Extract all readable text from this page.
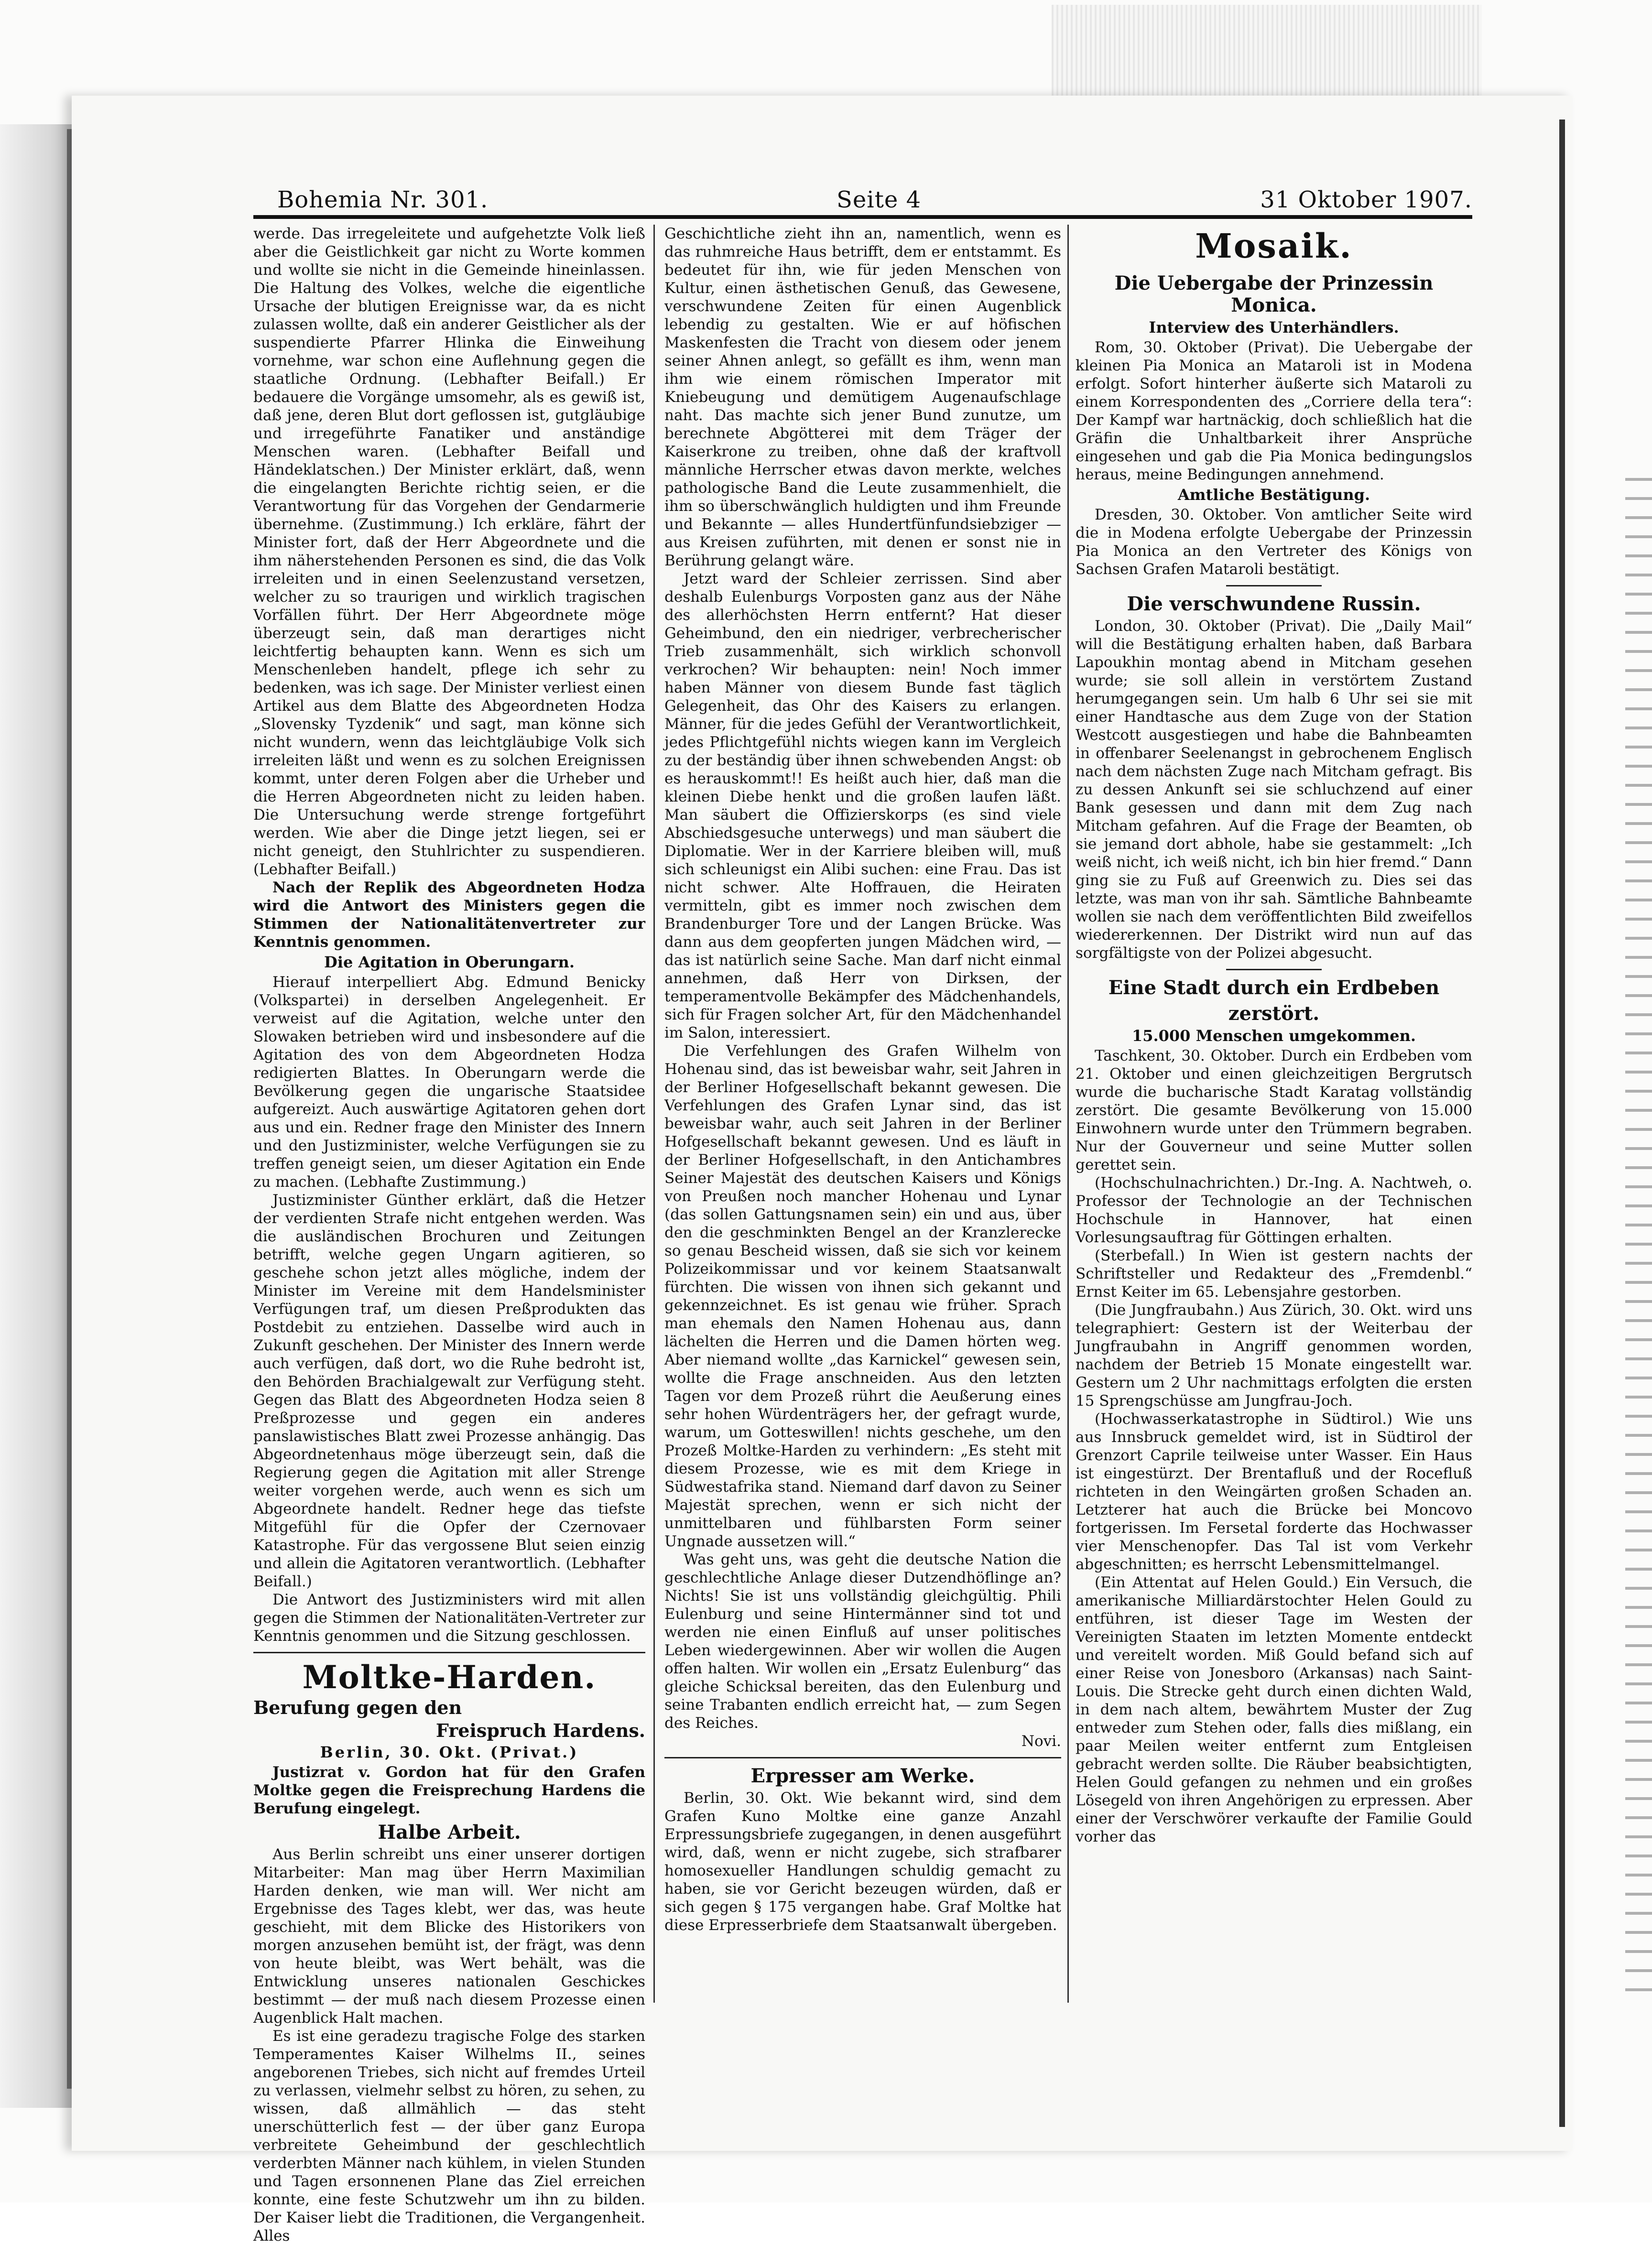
Bohemia Nr. 301.	Seite 4	31 Oktober 1907.

werde. Das irregeleitete und aufgehetzte Volk ließ aber die Geistlichkeit gar nicht zu Worte kommen und wollte sie nicht in die Gemeinde hineinlassen. Die Haltung des Volkes, welche die eigentliche Ursache der blutigen Ereignisse war, da es nicht zulassen wollte, daß ein anderer Geistlicher als der suspendierte Pfarrer Hlinka die Einweihung vornehme, war schon eine Auflehnung gegen die staatliche Ordnung. (Lebhafter Beifall.) Er bedauere die Vorgänge umsomehr, als es gewiß ist, daß jene, deren Blut dort geflossen ist, gutgläubige und irregeführte Fanatiker und anständige Menschen waren. (Lebhafter Beifall und Händeklatschen.) Der Minister erklärt, daß, wenn die eingelangten Berichte richtig seien, er die Verantwortung für das Vorgehen der Gendarmerie übernehme. (Zustimmung.) Ich erkläre, fährt der Minister fort, daß der Herr Abgeordnete und die ihm näherstehenden Personen es sind, die das Volk irreleiten und in einen Seelenzustand versetzen, welcher zu so traurigen und wirklich tragischen Vorfällen führt. Der Herr Abgeordnete möge überzeugt sein, daß man derartiges nicht leichtfertig behaupten kann. Wenn es sich um Menschenleben handelt, pflege ich sehr zu bedenken, was ich sage. Der Minister verliest einen Artikel aus dem Blatte des Abgeordneten Hodza „Slovensky Tyzdenik“ und sagt, man könne sich nicht wundern, wenn das leichtgläubige Volk sich irreleiten läßt und wenn es zu solchen Ereignissen kommt, unter deren Folgen aber die Urheber und die Herren Abgeordneten nicht zu leiden haben. Die Untersuchung werde strenge fortgeführt werden. Wie aber die Dinge jetzt liegen, sei er nicht geneigt, den Stuhlrichter zu suspendieren. (Lebhafter Beifall.)

Nach der Replik des Abgeordneten Hodza wird die Antwort des Ministers gegen die Stimmen der Nationalitätenvertreter zur Kenntnis genommen.

Die Agitation in Oberungarn.

Hierauf interpelliert Abg. Edmund Benicky (Volkspartei) in derselben Angelegenheit. Er verweist auf die Agitation, welche unter den Slowaken betrieben wird und insbesondere auf die Agitation des von dem Abgeordneten Hodza redigierten Blattes. In Oberungarn werde die Bevölkerung gegen die ungarische Staatsidee aufgereizt. Auch auswärtige Agitatoren gehen dort aus und ein. Redner frage den Minister des Innern und den Justizminister, welche Verfügungen sie zu treffen geneigt seien, um dieser Agitation ein Ende zu machen. (Lebhafte Zustimmung.)

Justizminister Günther erklärt, daß die Hetzer der verdienten Strafe nicht entgehen werden. Was die ausländischen Brochuren und Zeitungen betrifft, welche gegen Ungarn agitieren, so geschehe schon jetzt alles mögliche, indem der Minister im Vereine mit dem Handelsminister Verfügungen traf, um diesen Preßprodukten das Postdebit zu entziehen. Dasselbe wird auch in Zukunft geschehen. Der Minister des Innern werde auch verfügen, daß dort, wo die Ruhe bedroht ist, den Behörden Brachialgewalt zur Verfügung steht. Gegen das Blatt des Abgeordneten Hodza seien 8 Preßprozesse und gegen ein anderes panslawistisches Blatt zwei Prozesse anhängig. Das Abgeordnetenhaus möge überzeugt sein, daß die Regierung gegen die Agitation mit aller Strenge weiter vorgehen werde, auch wenn es sich um Abgeordnete handelt. Redner hege das tiefste Mitgefühl für die Opfer der Czernovaer Katastrophe. Für das vergossene Blut seien einzig und allein die Agitatoren verantwortlich. (Lebhafter Beifall.)

Die Antwort des Justizministers wird mit allen gegen die Stimmen der Nationalitäten-Vertreter zur Kenntnis genommen und die Sitzung geschlossen.

Moltke-Harden.
Berufung gegen den
Freispruch Hardens.
Berlin, 30. Okt. (Privat.)

Justizrat v. Gordon hat für den Grafen Moltke gegen die Freisprechung Hardens die Berufung eingelegt.

Halbe Arbeit.

Aus Berlin schreibt uns einer unserer dortigen Mitarbeiter: Man mag über Herrn Maximilian Harden denken, wie man will. Wer nicht am Ergebnisse des Tages klebt, wer das, was heute geschieht, mit dem Blicke des Historikers von morgen anzusehen bemüht ist, der frägt, was denn von heute bleibt, was Wert behält, was die Entwicklung unseres nationalen Geschickes bestimmt — der muß nach diesem Prozesse einen Augenblick Halt machen.

Es ist eine geradezu tragische Folge des starken Temperamentes Kaiser Wilhelms II., seines angeborenen Triebes, sich nicht auf fremdes Urteil zu verlassen, vielmehr selbst zu hören, zu sehen, zu wissen, daß allmählich — das steht unerschütterlich fest — der über ganz Europa verbreitete Geheimbund der geschlechtlich verderbten Männer nach kühlem, in vielen Stunden und Tagen ersonnenen Plane das Ziel erreichen konnte, eine feste Schutzwehr um ihn zu bilden. Der Kaiser liebt die Traditionen, die Vergangenheit. Alles

Geschichtliche zieht ihn an, namentlich, wenn es das ruhmreiche Haus betrifft, dem er entstammt. Es bedeutet für ihn, wie für jeden Menschen von Kultur, einen ästhetischen Genuß, das Gewesene, verschwundene Zeiten für einen Augenblick lebendig zu gestalten. Wie er auf höfischen Maskenfesten die Tracht von diesem oder jenem seiner Ahnen anlegt, so gefällt es ihm, wenn man ihm wie einem römischen Imperator mit Kniebeugung und demütigem Augenaufschlage naht. Das machte sich jener Bund zunutze, um berechnete Abgötterei mit dem Träger der Kaiserkrone zu treiben, ohne daß der kraftvoll männliche Herrscher etwas davon merkte, welches pathologische Band die Leute zusammenhielt, die ihm so überschwänglich huldigten und ihm Freunde und Bekannte — alles Hundertfünfundsiebziger — aus Kreisen zuführten, mit denen er sonst nie in Berührung gelangt wäre.

Jetzt ward der Schleier zerrissen. Sind aber deshalb Eulenburgs Vorposten ganz aus der Nähe des allerhöchsten Herrn entfernt? Hat dieser Geheimbund, den ein niedriger, verbrecherischer Trieb zusammenhält, sich wirklich schonvoll verkrochen? Wir behaupten: nein! Noch immer haben Männer von diesem Bunde fast täglich Gelegenheit, das Ohr des Kaisers zu erlangen. Männer, für die jedes Gefühl der Verantwortlichkeit, jedes Pflichtgefühl nichts wiegen kann im Vergleich zu der beständig über ihnen schwebenden Angst: ob es herauskommt!! Es heißt auch hier, daß man die kleinen Diebe henkt und die großen laufen läßt. Man säubert die Offizierskorps (es sind viele Abschiedsgesuche unterwegs) und man säubert die Diplomatie. Wer in der Karriere bleiben will, muß sich schleunigst ein Alibi suchen: eine Frau. Das ist nicht schwer. Alte Hoffrauen, die Heiraten vermitteln, gibt es immer noch zwischen dem Brandenburger Tore und der Langen Brücke. Was dann aus dem geopferten jungen Mädchen wird, — das ist natürlich seine Sache. Man darf nicht einmal annehmen, daß Herr von Dirksen, der temperamentvolle Bekämpfer des Mädchenhandels, sich für Fragen solcher Art, für den Mädchenhandel im Salon, interessiert.

Die Verfehlungen des Grafen Wilhelm von Hohenau sind, das ist beweisbar wahr, seit Jahren in der Berliner Hofgesellschaft bekannt gewesen. Die Verfehlungen des Grafen Lynar sind, das ist beweisbar wahr, auch seit Jahren in der Berliner Hofgesellschaft bekannt gewesen. Und es läuft in der Berliner Hofgesellschaft, in den Antichambres Seiner Majestät des deutschen Kaisers und Königs von Preußen noch mancher Hohenau und Lynar (das sollen Gattungsnamen sein) ein und aus, über den die geschminkten Bengel an der Kranzlerecke so genau Bescheid wissen, daß sie sich vor keinem Polizeikommissar und vor keinem Staatsanwalt fürchten. Die wissen von ihnen sich gekannt und gekennzeichnet. Es ist genau wie früher. Sprach man ehemals den Namen Hohenau aus, dann lächelten die Herren und die Damen hörten weg. Aber niemand wollte „das Karnickel“ gewesen sein, wollte die Frage anschneiden. Aus den letzten Tagen vor dem Prozeß rührt die Aeußerung eines sehr hohen Würdenträgers her, der gefragt wurde, warum, um Gotteswillen! nichts geschehe, um den Prozeß Moltke-Harden zu verhindern: „Es steht mit diesem Prozesse, wie es mit dem Kriege in Südwestafrika stand. Niemand darf davon zu Seiner Majestät sprechen, wenn er sich nicht der unmittelbaren und fühlbarsten Form seiner Ungnade aussetzen will.“

Was geht uns, was geht die deutsche Nation die geschlechtliche Anlage dieser Dutzendhöflinge an? Nichts! Sie ist uns vollständig gleichgültig. Phili Eulenburg und seine Hintermänner sind tot und werden nie einen Einfluß auf unser politisches Leben wiedergewinnen. Aber wir wollen die Augen offen halten. Wir wollen ein „Ersatz Eulenburg“ das gleiche Schicksal bereiten, das den Eulenburg und seine Trabanten endlich erreicht hat, — zum Segen des Reiches.

Novi.

Erpresser am Werke.

Berlin, 30. Okt. Wie bekannt wird, sind dem Grafen Kuno Moltke eine ganze Anzahl Erpressungsbriefe zugegangen, in denen ausgeführt wird, daß, wenn er nicht zugebe, sich strafbarer homosexueller Handlungen schuldig gemacht zu haben, sie vor Gericht bezeugen würden, daß er sich gegen § 175 vergangen habe. Graf Moltke hat diese Erpresserbriefe dem Staatsanwalt übergeben.

Mosaik.
Die Uebergabe der Prinzessin Monica.
Interview des Unterhändlers.

Rom, 30. Oktober (Privat). Die Uebergabe der kleinen Pia Monica an Mataroli ist in Modena erfolgt. Sofort hinterher äußerte sich Mataroli zu einem Korrespondenten des „Corriere della tera“: Der Kampf war hartnäckig, doch schließlich hat die Gräfin die Unhaltbarkeit ihrer Ansprüche eingesehen und gab die Pia Monica bedingungslos heraus, meine Bedingungen annehmend.

Amtliche Bestätigung.

Dresden, 30. Oktober. Von amtlicher Seite wird die in Modena erfolgte Uebergabe der Prinzessin Pia Monica an den Vertreter des Königs von Sachsen Grafen Mataroli bestätigt.

Die verschwundene Russin.

London, 30. Oktober (Privat). Die „Daily Mail“ will die Bestätigung erhalten haben, daß Barbara Lapoukhin montag abend in Mitcham gesehen wurde; sie soll allein in verstörtem Zustand herumgegangen sein. Um halb 6 Uhr sei sie mit einer Handtasche aus dem Zuge von der Station Westcott ausgestiegen und habe die Bahnbeamten in offenbarer Seelenangst in gebrochenem Englisch nach dem nächsten Zuge nach Mitcham gefragt. Bis zu dessen Ankunft sei sie schluchzend auf einer Bank gesessen und dann mit dem Zug nach Mitcham gefahren. Auf die Frage der Beamten, ob sie jemand dort abhole, habe sie gestammelt: „Ich weiß nicht, ich weiß nicht, ich bin hier fremd.“ Dann ging sie zu Fuß auf Greenwich zu. Dies sei das letzte, was man von ihr sah. Sämtliche Bahnbeamte wollen sie nach dem veröffentlichten Bild zweifellos wiedererkennen. Der Distrikt wird nun auf das sorgfältigste von der Polizei abgesucht.

Eine Stadt durch ein Erdbeben
zerstört.
15.000 Menschen umgekommen.

Taschkent, 30. Oktober. Durch ein Erdbeben vom 21. Oktober und einen gleichzeitigen Bergrutsch wurde die bucharische Stadt Karatag vollständig zerstört. Die gesamte Bevölkerung von 15.000 Einwohnern wurde unter den Trümmern begraben. Nur der Gouverneur und seine Mutter sollen gerettet sein.

(Hochschulnachrichten.) Dr.-Ing. A. Nachtweh, o. Professor der Technologie an der Technischen Hochschule in Hannover, hat einen Vorlesungsauftrag für Göttingen erhalten.

(Sterbefall.) In Wien ist gestern nachts der Schriftsteller und Redakteur des „Fremdenbl.“ Ernst Keiter im 65. Lebensjahre gestorben.

(Die Jungfraubahn.) Aus Zürich, 30. Okt. wird uns telegraphiert: Gestern ist der Weiterbau der Jungfraubahn in Angriff genommen worden, nachdem der Betrieb 15 Monate eingestellt war. Gestern um 2 Uhr nachmittags erfolgten die ersten 15 Sprengschüsse am Jungfrau-Joch.

(Hochwasserkatastrophe in Südtirol.) Wie uns aus Innsbruck gemeldet wird, ist in Südtirol der Grenzort Caprile teilweise unter Wasser. Ein Haus ist eingestürzt. Der Brentafluß und der Rocefluß richteten in den Weingärten großen Schaden an. Letzterer hat auch die Brücke bei Moncovo fortgerissen. Im Fersetal forderte das Hochwasser vier Menschenopfer. Das Tal ist vom Verkehr abgeschnitten; es herrscht Lebensmittelmangel.

(Ein Attentat auf Helen Gould.) Ein Versuch, die amerikanische Milliardärstochter Helen Gould zu entführen, ist dieser Tage im Westen der Vereinigten Staaten im letzten Momente entdeckt und vereitelt worden. Miß Gould befand sich auf einer Reise von Jonesboro (Arkansas) nach Saint-Louis. Die Strecke geht durch einen dichten Wald, in dem nach altem, bewährtem Muster der Zug entweder zum Stehen oder, falls dies mißlang, ein paar Meilen weiter entfernt zum Entgleisen gebracht werden sollte. Die Räuber beabsichtigten, Helen Gould gefangen zu nehmen und ein großes Lösegeld von ihren Angehörigen zu erpressen. Aber einer der Verschwörer verkaufte der Familie Gould vorher das
